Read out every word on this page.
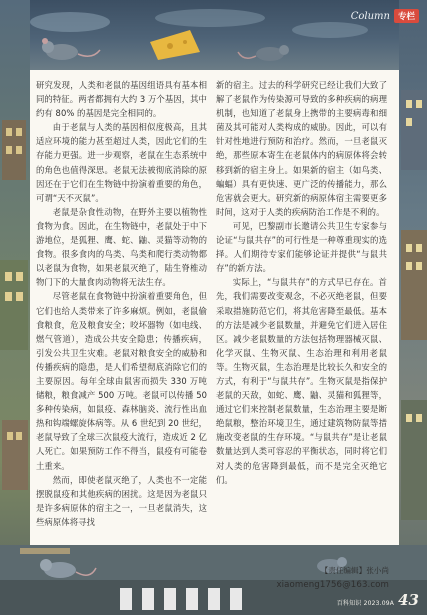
Column 专栏

研究发现，人类和老鼠的基因组语具有基本相同的特征。两者都拥有大约 3 万个基因，其中约有 80% 的基因是完全相同的。

由于老鼠与人类的基因相似度极高，且其适应环境的能力甚至超过人类，因此它们的生存能力更强。进一步观察，老鼠在生态系统中的角色也值得深思。老鼠无法被彻底消除的原因还在于它们在生物链中扮演着重要的角色，可谓“天不灭鼠”。

老鼠是杂食性动物，在野外主要以植物性食物为食。因此，在生物链中，老鼠处于中下游地位，是狐狸、鹰、蛇、鼬、灵猫等动物的食物。很多食肉的鸟类、鸟类和爬行类动物都以老鼠为食物，如果老鼠灭绝了，陆生脊椎动物门下的大量食肉动物将无法生存。

尽管老鼠在食物链中扮演着重要角色，但它们也给人类带来了许多麻烦。例如，老鼠偷食粮食，危及粮食安全；咬坏器物（如电线、燃气管道），造成公共安全隐患；传播疾病，引发公共卫生灾难。老鼠对粮食安全的威胁和传播疾病的隐患，是人们希望彻底消除它们的主要原因。每年全球由鼠害而损失 330 万吨储粮，粮食减产 500 万吨。老鼠可以传播 50 多种传染病，如鼠疫、森林脑炎、流行性出血热和钩端螺旋体病等。从 6 世纪到 20 世纪，老鼠导致了全球三次鼠疫大流行，造成近 2 亿人死亡。如果预防工作不得当，鼠疫有可能卷土重来。

然而，即使老鼠灭绝了，人类也不一定能摆脱鼠疫和其他疾病的困扰。这是因为老鼠只是许多病原体的宿主之一，一旦老鼠消失，这些病原体将寻找

新的宿主。过去的科学研究已经让我们大致了解了老鼠作为传染源可导致的多种疾病的病理机制，也知道了老鼠身上携带的主要病毒和细菌及其可能对人类构成的威胁。因此，可以有针对性地进行预防和治疗。然而，一旦老鼠灭绝，那些原本寄生在老鼠体内的病原体将会转移到新的宿主身上。如果新的宿主（如鸟类、蝙蝠）具有更快速、更广泛的传播能力，那么危害就会更大。研究新的病原体宿主需要更多时间，这对于人类的疾病防治工作是不利的。

可见，巴黎副市长邀请公共卫生专家参与论证“与鼠共存”的可行性是一种尊重现实的选择。人们期待专家们能够论证并提供“与鼠共存”的新方法。

实际上，“与鼠共存”的方式早已存在。首先，我们需要改变观念，不必灭绝老鼠，但要采取措施防范它们，将其危害降至最低。基本的方法是减少老鼠数量，并避免它们进入居住区。减少老鼠数量的方法包括物理器械灭鼠、化学灭鼠、生物灭鼠、生态治理和利用老鼠等。生物灭鼠，生态治理是比较长久和安全的方式，有利于“与鼠共存”。生物灭鼠是指保护老鼠的天敌，如蛇、鹰、鼬、灵猫和狐狸等，通过它们来控制老鼠数量，生态治理主要是断绝鼠粮，整治环境卫生，通过建筑物防鼠等措施改变老鼠的生存环境。“与鼠共存”是让老鼠数量达到人类可容忍的平衡状态，同时将它们对人类的危害降到最低，而不是完全灭绝它们。

【责任编辑】张小尚
xiaomeng1756@163.com
百科知识 2023.09A 43
